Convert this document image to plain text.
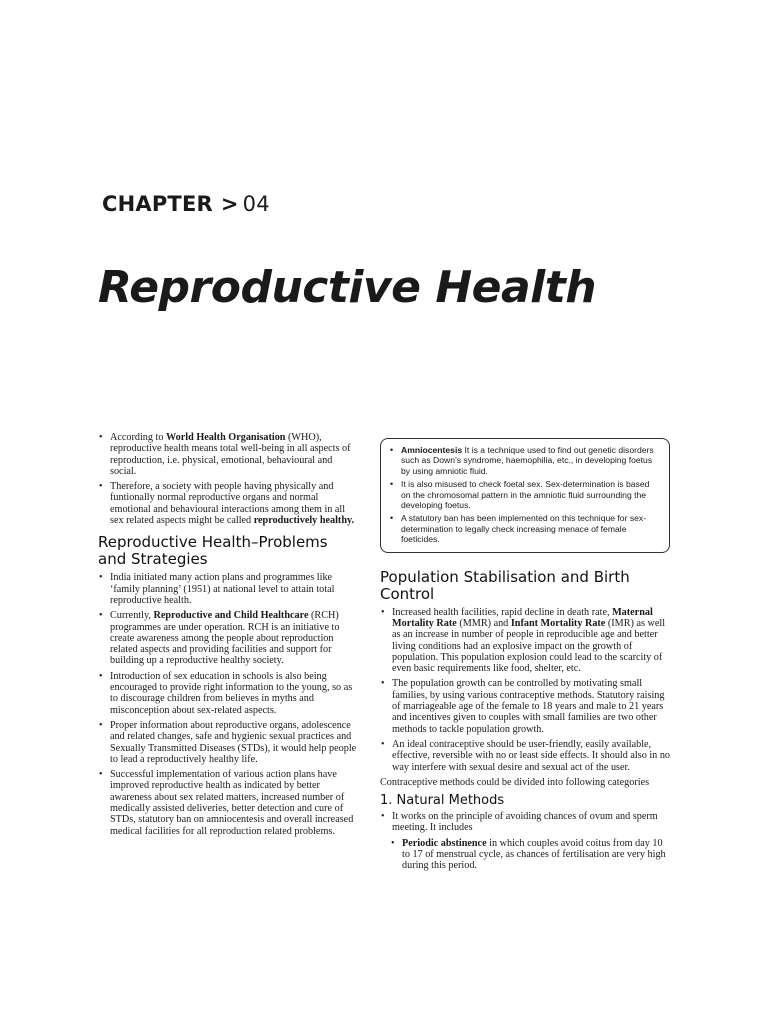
CHAPTER > 04
Reproductive Health
• According to World Health Organisation (WHO), reproductive health means total well-being in all aspects of reproduction, i.e. physical, emotional, behavioural and social.
• Therefore, a society with people having physically and funtionally normal reproductive organs and normal emotional and behavioural interactions among them in all sex related aspects might be called reproductively healthy.
Reproductive Health–Problems and Strategies
• India initiated many action plans and programmes like ‘family planning’ (1951) at national level to attain total reproductive health.
• Currently, Reproductive and Child Healthcare (RCH) programmes are under operation. RCH is an initiative to create awareness among the people about reproduction related aspects and providing facilities and support for building up a reproductive healthy society.
• Introduction of sex education in schools is also being encouraged to provide right information to the young, so as to discourage children from believes in myths and misconception about sex-related aspects.
• Proper information about reproductive organs, adolescence and related changes, safe and hygienic sexual practices and Sexually Transmitted Diseases (STDs), it would help people to lead a reproductively healthy life.
• Successful implementation of various action plans have improved reproductive health as indicated by better awareness about sex related matters, increased number of medically assisted deliveries, better detection and cure of STDs, statutory ban on amniocentesis and overall increased medical facilities for all reproduction related problems.
• Amniocentesis It is a technique used to find out genetic disorders such as Down’s syndrome, haemophilia, etc., in developing foetus by using amniotic fluid.
• It is also misused to check foetal sex. Sex-determination is based on the chromosomal pattern in the amniotic fluid surrounding the developing foetus.
• A statutory ban has been implemented on this technique for sex-determination to legally check increasing menace of female foeticides.
Population Stabilisation and Birth Control
• Increased health facilities, rapid decline in death rate, Maternal Mortality Rate (MMR) and Infant Mortality Rate (IMR) as well as an increase in number of people in reproducible age and better living conditions had an explosive impact on the growth of population. This population explosion could lead to the scarcity of even basic requirements like food, shelter, etc.
• The population growth can be controlled by motivating small families, by using various contraceptive methods. Statutory raising of marriageable age of the female to 18 years and male to 21 years and incentives given to couples with small families are two other methods to tackle population growth.
• An ideal contraceptive should be user-friendly, easily available, effective, reversible with no or least side effects. It should also in no way interfere with sexual desire and sexual act of the user.

Contraceptive methods could be divided into following categories

1. Natural Methods
• It works on the principle of avoiding chances of ovum and sperm meeting. It includes
• Periodic abstinence in which couples avoid coitus from day 10 to 17 of menstrual cycle, as chances of fertilisation are very high during this period.
